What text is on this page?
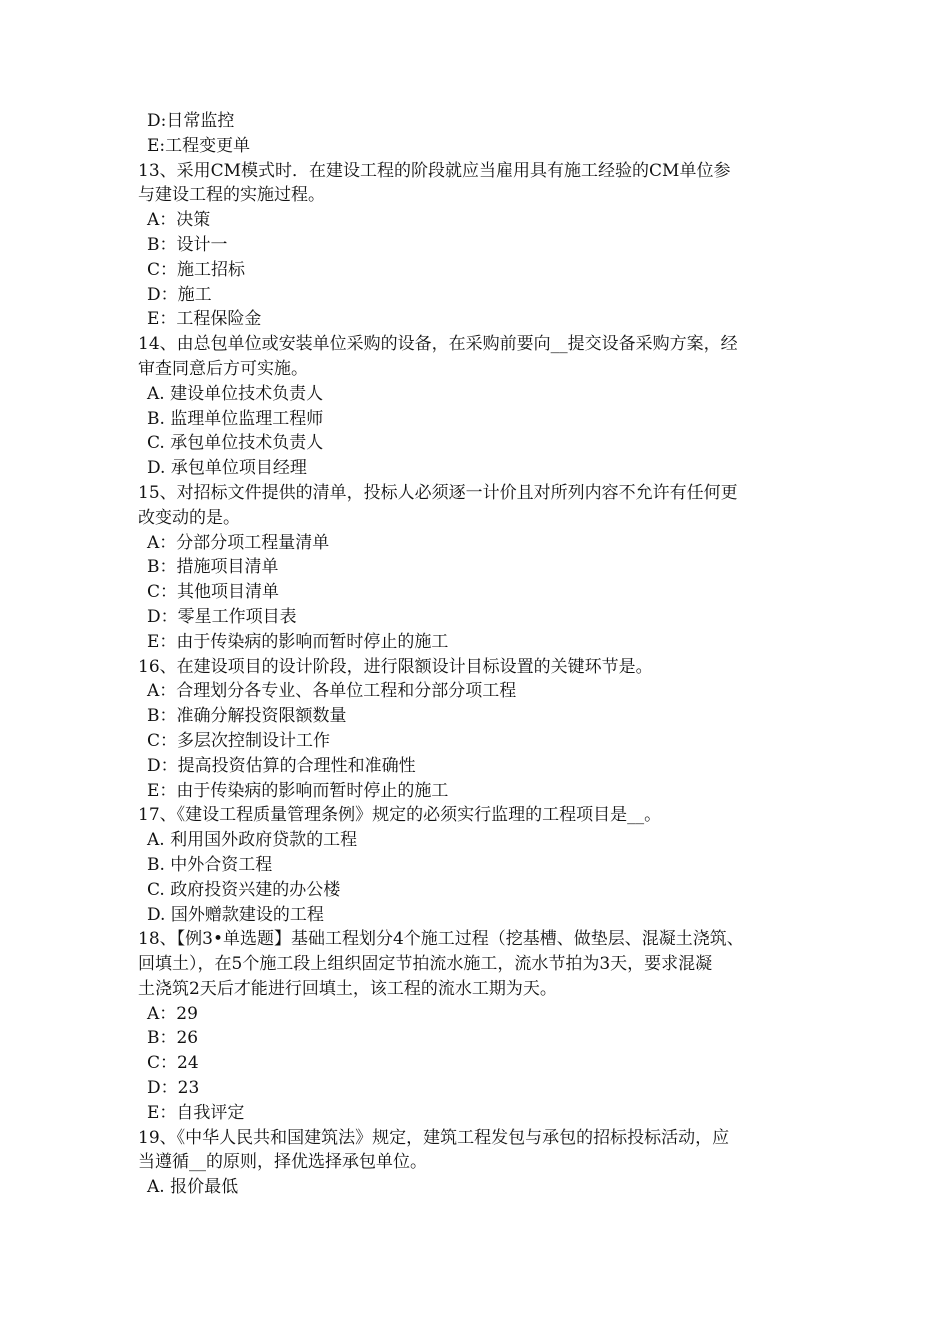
D:日常监控
E:工程变更单
13、采用CM模式时．在建设工程的阶段就应当雇用具有施工经验的CM单位参
与建设工程的实施过程。
A：决策
B：设计一
C：施工招标
D：施工
E：工程保险金
14、由总包单位或安装单位采购的设备，在采购前要向__提交设备采购方案，经
审查同意后方可实施。
A. 建设单位技术负责人
B. 监理单位监理工程师
C. 承包单位技术负责人
D. 承包单位项目经理
15、对招标文件提供的清单，投标人必须逐一计价且对所列内容不允许有任何更
改变动的是。
A：分部分项工程量清单
B：措施项目清单
C：其他项目清单
D：零星工作项目表
E：由于传染病的影响而暂时停止的施工
16、在建设项目的设计阶段，进行限额设计目标设置的关键环节是。
A：合理划分各专业、各单位工程和分部分项工程
B：准确分解投资限额数量
C：多层次控制设计工作
D：提高投资估算的合理性和准确性
E：由于传染病的影响而暂时停止的施工
17、《建设工程质量管理条例》规定的必须实行监理的工程项目是__。
A. 利用国外政府贷款的工程
B. 中外合资工程
C. 政府投资兴建的办公楼
D. 国外赠款建设的工程
18、【例3•单选题】基础工程划分4个施工过程（挖基槽、做垫层、混凝土浇筑、
回填土），在5个施工段上组织固定节拍流水施工，流水节拍为3天，要求混凝
土浇筑2天后才能进行回填土，该工程的流水工期为天。
A：29
B：26
C：24
D：23
E：自我评定
19、《中华人民共和国建筑法》规定，建筑工程发包与承包的招标投标活动，应
当遵循__的原则，择优选择承包单位。
A. 报价最低
